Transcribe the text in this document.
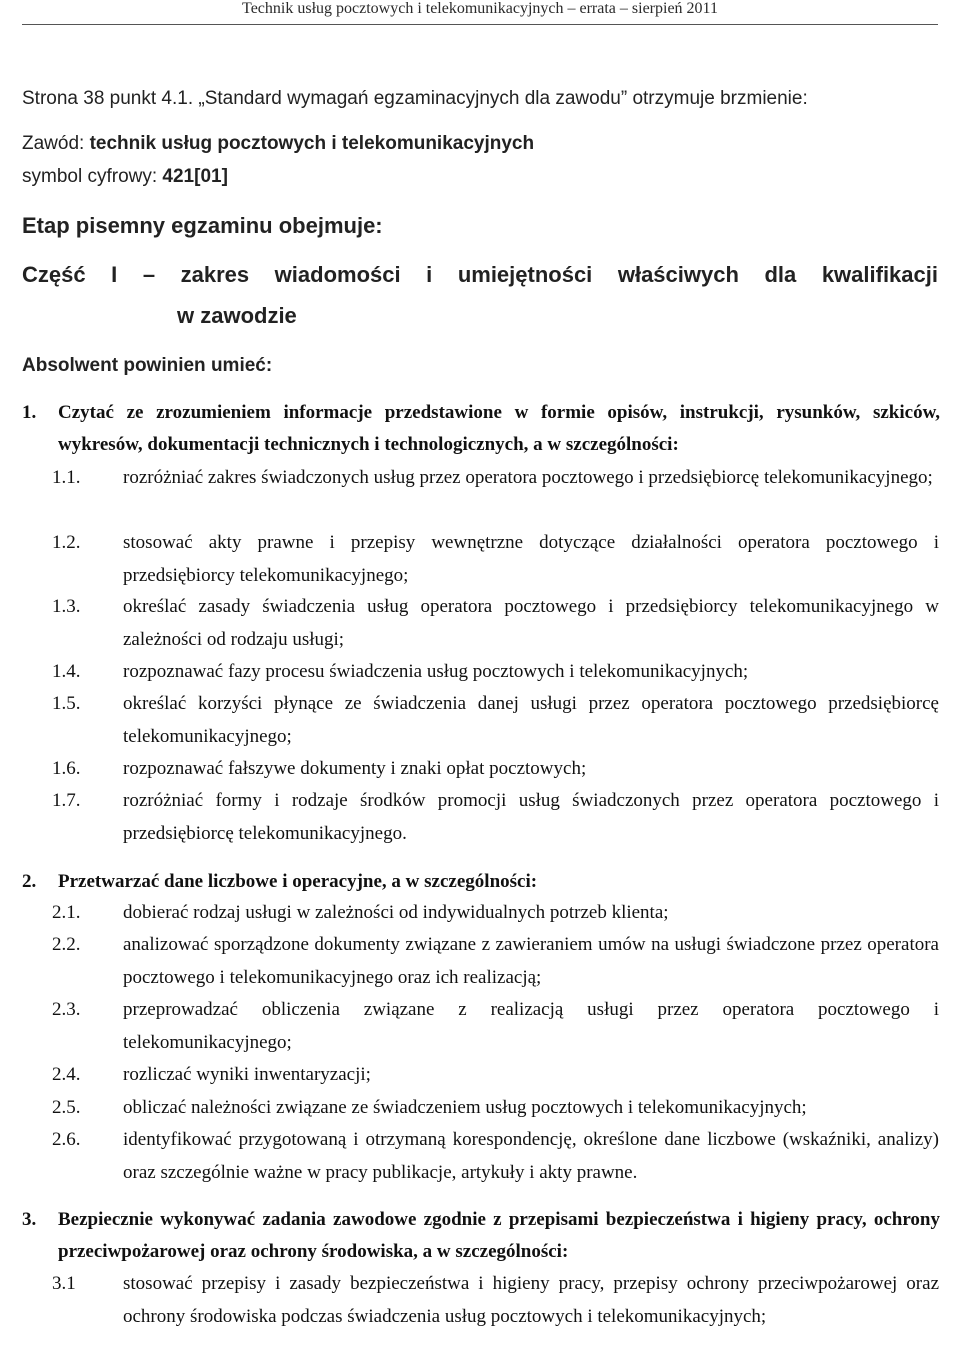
Technik usług pocztowych i telekomunikacyjnych – errata – sierpień 2011
Strona 38 punkt 4.1. „Standard wymagań egzaminacyjnych dla zawodu” otrzymuje brzmienie:
Zawód: technik usług pocztowych i telekomunikacyjnych
symbol cyfrowy: 421[01]
Etap pisemny egzaminu obejmuje:
Część I – zakres wiadomości i umiejętności właściwych dla kwalifikacji
w zawodzie
Absolwent powinien umieć:
1.	Czytać ze zrozumieniem informacje przedstawione w formie opisów, instrukcji, rysunków, szkiców, wykresów, dokumentacji technicznych i technologicznych, a w szczególności:
1.1.	rozróżniać zakres świadczonych usług przez operatora pocztowego i przedsiębiorcę telekomunikacyjnego;
1.2.	stosować akty prawne i przepisy wewnętrzne dotyczące działalności operatora pocztowego i przedsiębiorcy telekomunikacyjnego;
1.3.	określać zasady świadczenia usług operatora pocztowego i przedsiębiorcy telekomunikacyjnego w zależności od rodzaju usługi;
1.4.	rozpoznawać fazy procesu świadczenia usług pocztowych i telekomunikacyjnych;
1.5.	określać korzyści płynące ze świadczenia danej usługi przez operatora pocztowego przedsiębiorcę telekomunikacyjnego;
1.6.	rozpoznawać fałszywe dokumenty i znaki opłat pocztowych;
1.7.	rozróżniać formy i rodzaje środków promocji usług świadczonych przez operatora pocztowego i przedsiębiorcę telekomunikacyjnego.
2.	Przetwarzać dane liczbowe i operacyjne, a w szczególności:
2.1.	dobierać rodzaj usługi w zależności od indywidualnych potrzeb klienta;
2.2.	analizować sporządzone dokumenty związane z zawieraniem umów na usługi świadczone przez operatora pocztowego i telekomunikacyjnego oraz ich realizacją;
2.3.	przeprowadzać obliczenia związane z realizacją usługi przez operatora pocztowego i telekomunikacyjnego;
2.4.	rozliczać wyniki inwentaryzacji;
2.5.	obliczać należności związane ze świadczeniem usług pocztowych i telekomunikacyjnych;
2.6.	identyfikować przygotowaną i otrzymaną korespondencję, określone dane liczbowe (wskaźniki, analizy) oraz szczególnie ważne w pracy publikacje, artykuły i akty prawne.
3.	Bezpiecznie wykonywać zadania zawodowe zgodnie z przepisami bezpieczeństwa i higieny pracy, ochrony przeciwpożarowej oraz ochrony środowiska, a w szczególności:
3.1	stosować przepisy i zasady bezpieczeństwa i higieny pracy, przepisy ochrony przeciwpożarowej oraz ochrony środowiska podczas świadczenia usług pocztowych i telekomunikacyjnych;
